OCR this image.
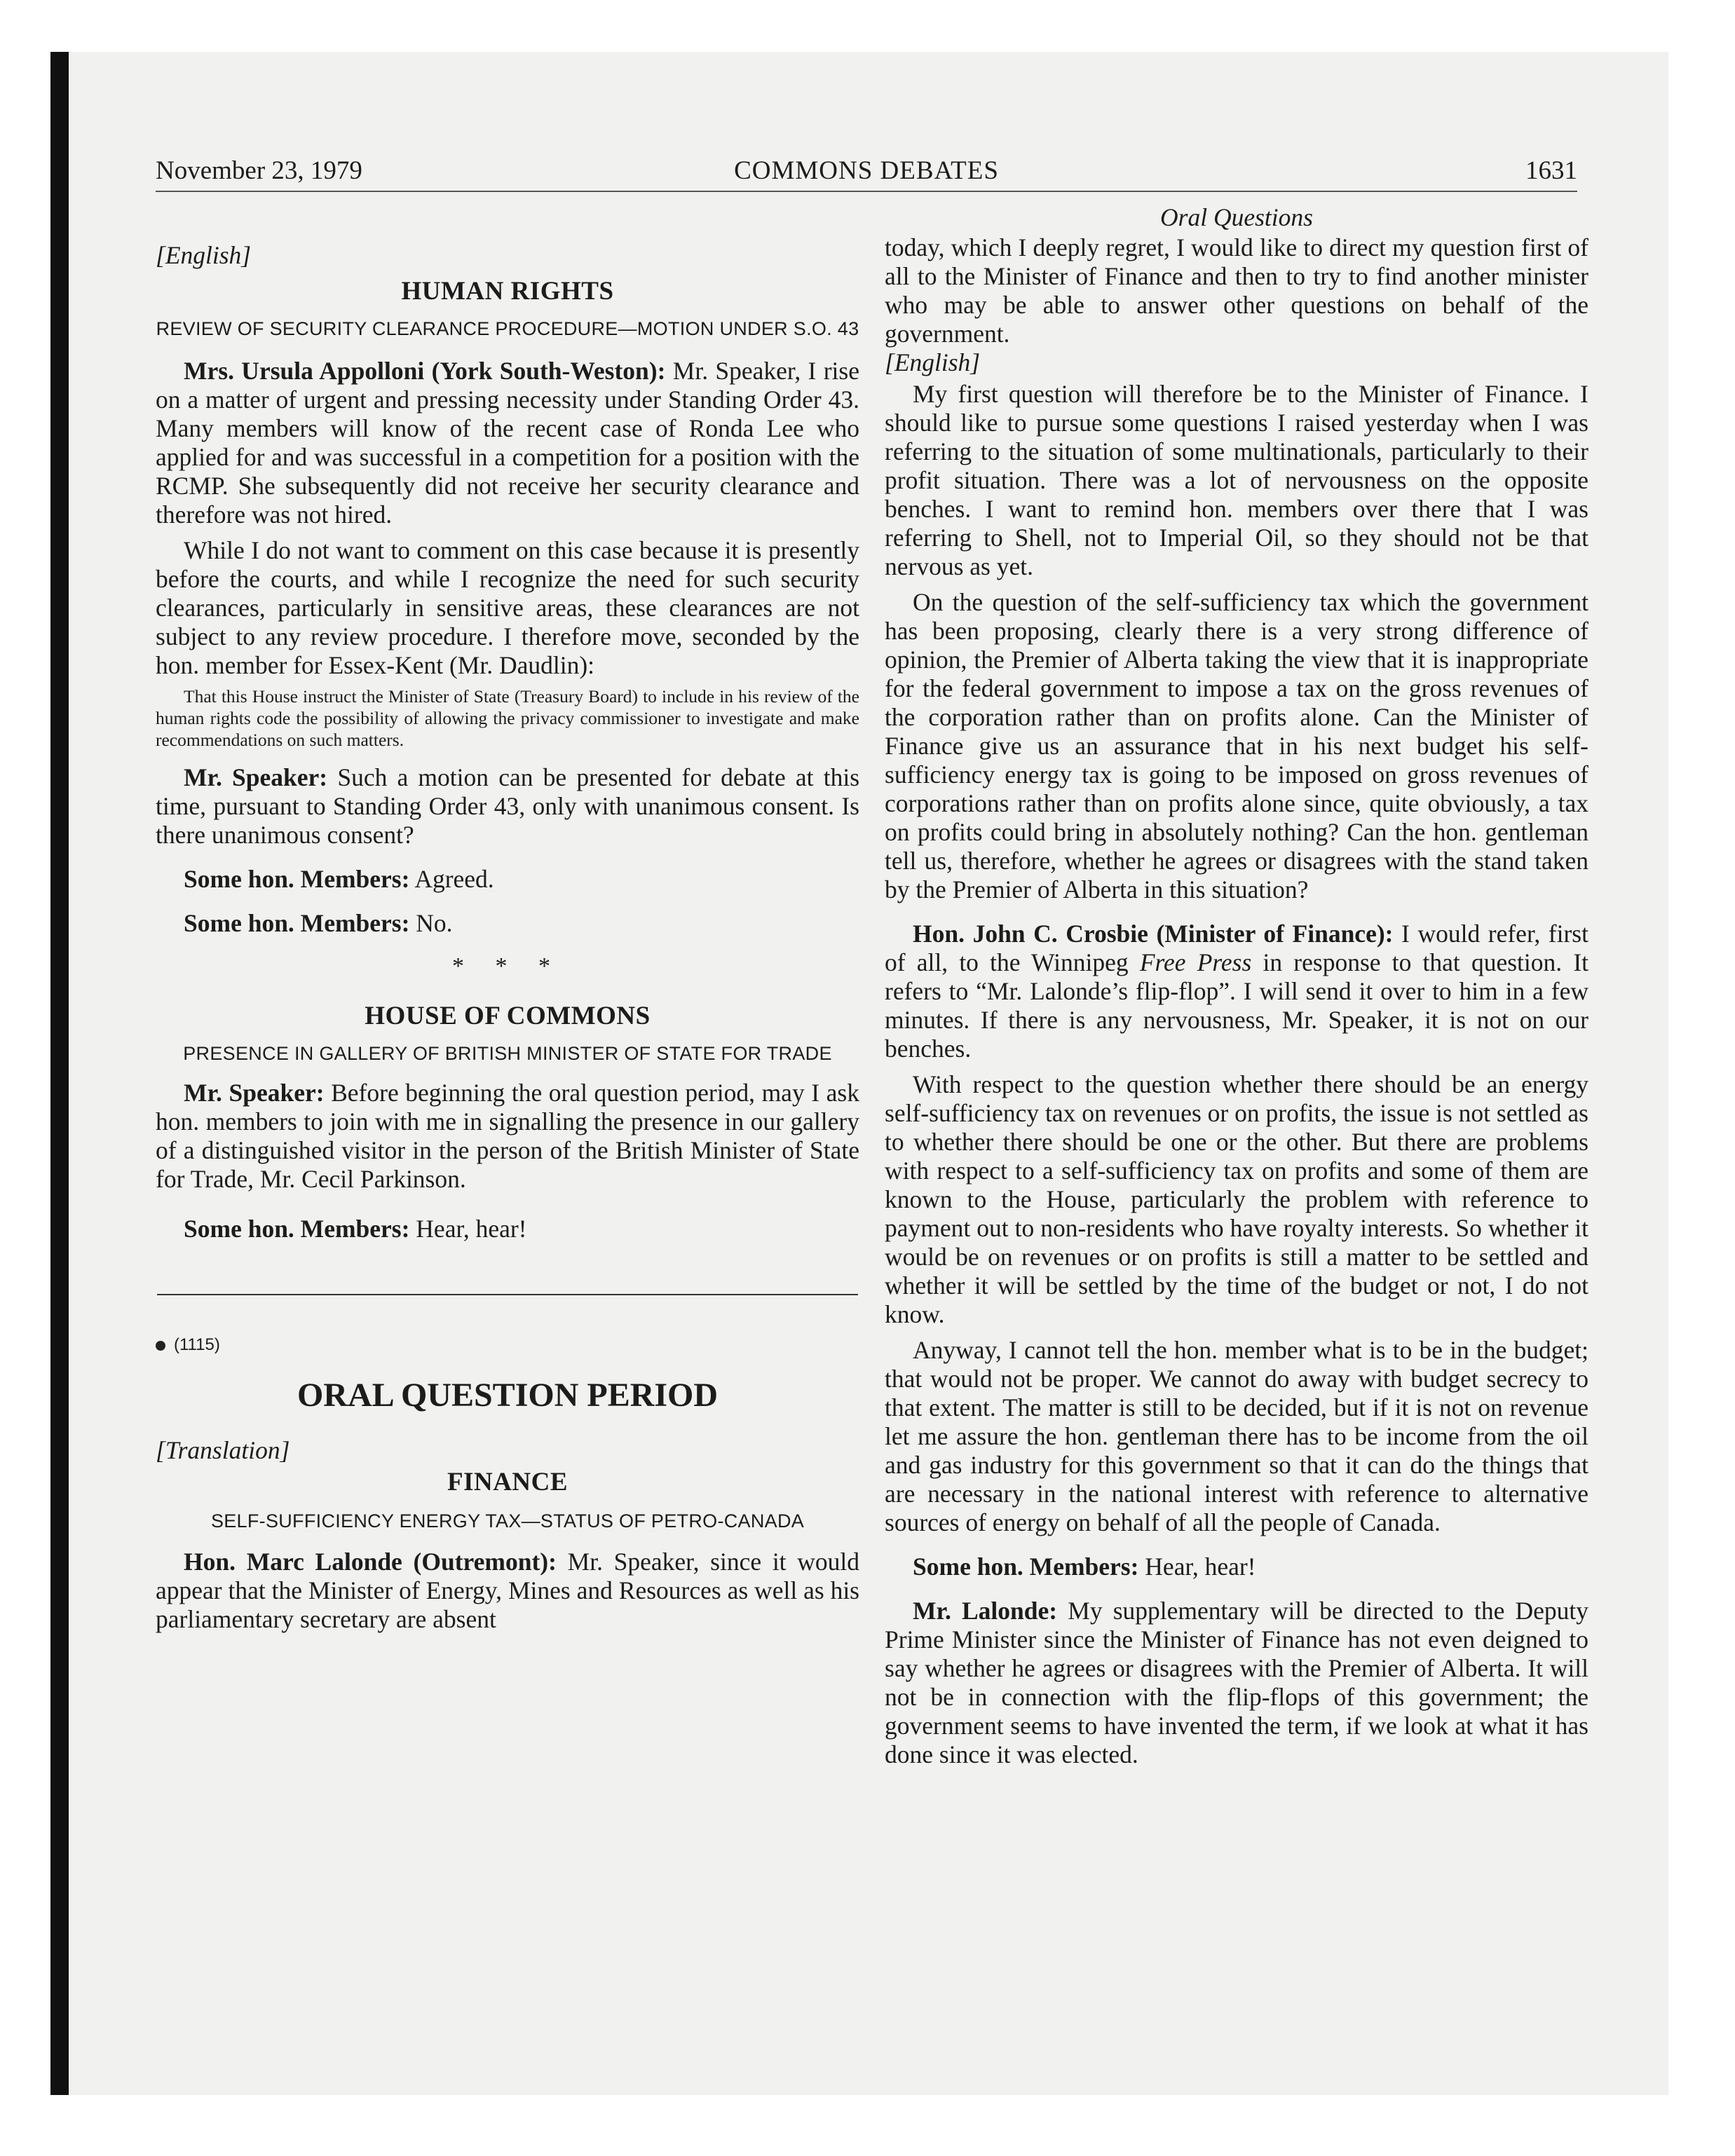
November 23, 1979	COMMONS DEBATES	1631
[English]
HUMAN RIGHTS
REVIEW OF SECURITY CLEARANCE PROCEDURE—MOTION UNDER S.O. 43

Mrs. Ursula Appolloni (York South-Weston): Mr. Speaker, I rise on a matter of urgent and pressing necessity under Standing Order 43. Many members will know of the recent case of Ronda Lee who applied for and was successful in a competition for a position with the RCMP. She subsequently did not receive her security clearance and therefore was not hired.

While I do not want to comment on this case because it is presently before the courts, and while I recognize the need for such security clearances, particularly in sensitive areas, these clearances are not subject to any review procedure. I therefore move, seconded by the hon. member for Essex-Kent (Mr. Daudlin):

That this House instruct the Minister of State (Treasury Board) to include in his review of the human rights code the possibility of allowing the privacy commissioner to investigate and make recommendations on such matters.

Mr. Speaker: Such a motion can be presented for debate at this time, pursuant to Standing Order 43, only with unanimous consent. Is there unanimous consent?

Some hon. Members: Agreed.

Some hon. Members: No.

* * *
HOUSE OF COMMONS
PRESENCE IN GALLERY OF BRITISH MINISTER OF STATE FOR TRADE

Mr. Speaker: Before beginning the oral question period, may I ask hon. members to join with me in signalling the presence in our gallery of a distinguished visitor in the person of the British Minister of State for Trade, Mr. Cecil Parkinson.

Some hon. Members: Hear, hear!

(1115)
ORAL QUESTION PERIOD
[Translation]
FINANCE
SELF-SUFFICIENCY ENERGY TAX—STATUS OF PETRO-CANADA

Hon. Marc Lalonde (Outremont): Mr. Speaker, since it would appear that the Minister of Energy, Mines and Resources as well as his parliamentary secretary are absent

Oral Questions

today, which I deeply regret, I would like to direct my question first of all to the Minister of Finance and then to try to find another minister who may be able to answer other questions on behalf of the government.

[English]

My first question will therefore be to the Minister of Finance. I should like to pursue some questions I raised yesterday when I was referring to the situation of some multinationals, particularly to their profit situation. There was a lot of nervousness on the opposite benches. I want to remind hon. members over there that I was referring to Shell, not to Imperial Oil, so they should not be that nervous as yet.

On the question of the self-sufficiency tax which the government has been proposing, clearly there is a very strong difference of opinion, the Premier of Alberta taking the view that it is inappropriate for the federal government to impose a tax on the gross revenues of the corporation rather than on profits alone. Can the Minister of Finance give us an assurance that in his next budget his self-sufficiency energy tax is going to be imposed on gross revenues of corporations rather than on profits alone since, quite obviously, a tax on profits could bring in absolutely nothing? Can the hon. gentleman tell us, therefore, whether he agrees or disagrees with the stand taken by the Premier of Alberta in this situation?

Hon. John C. Crosbie (Minister of Finance): I would refer, first of all, to the Winnipeg Free Press in response to that question. It refers to “Mr. Lalonde’s flip-flop”. I will send it over to him in a few minutes. If there is any nervousness, Mr. Speaker, it is not on our benches.

With respect to the question whether there should be an energy self-sufficiency tax on revenues or on profits, the issue is not settled as to whether there should be one or the other. But there are problems with respect to a self-sufficiency tax on profits and some of them are known to the House, particularly the problem with reference to payment out to non-residents who have royalty interests. So whether it would be on revenues or on profits is still a matter to be settled and whether it will be settled by the time of the budget or not, I do not know.

Anyway, I cannot tell the hon. member what is to be in the budget; that would not be proper. We cannot do away with budget secrecy to that extent. The matter is still to be decided, but if it is not on revenue let me assure the hon. gentleman there has to be income from the oil and gas industry for this government so that it can do the things that are necessary in the national interest with reference to alternative sources of energy on behalf of all the people of Canada.

Some hon. Members: Hear, hear!

Mr. Lalonde: My supplementary will be directed to the Deputy Prime Minister since the Minister of Finance has not even deigned to say whether he agrees or disagrees with the Premier of Alberta. It will not be in connection with the flip-flops of this government; the government seems to have invented the term, if we look at what it has done since it was elected.
